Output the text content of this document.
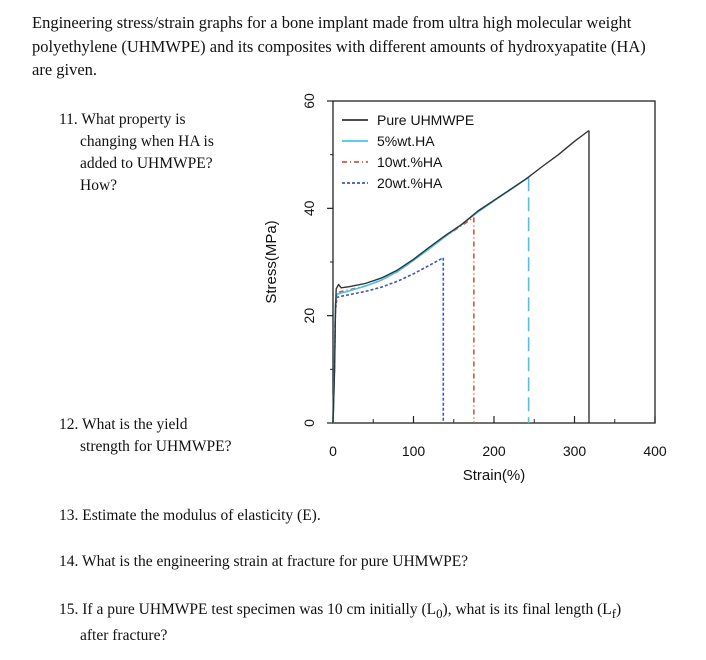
Engineering stress/strain graphs for a bone implant made from ultra high molecular weight
polyethylene (UHMWPE) and its composites with different amounts of hydroxyapatite (HA)
are given.
11. What property is
changing when HA is
added to UHMWPE?
How?
12. What is the yield
strength for UHMWPE?
13. Estimate the modulus of elasticity (E).
14. What is the engineering strain at fracture for pure UHMWPE?
15. If a pure UHMWPE test specimen was 10 cm initially $(L_0)$, what is its final length $(L_f)$
after fracture?
0	100	200	300	400
0
20
40
60
Pure UHMWPE
5%wt.HA
10wt.%HA
20wt.%HA
Strain(%)
Stress(MPa)
